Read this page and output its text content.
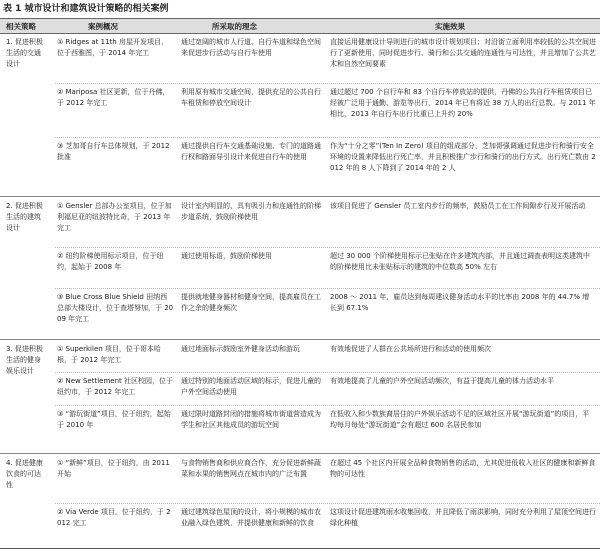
表 1 城市设计和建筑设计策略的相关案例
相关策略	案例概况	所采取的理念	实施效果
1. 促进积极生活的交通设计
① Ridges at 11th 房屋开发项目，位于西雅图，于 2014 年完工
通过宽阔的城市人行道、自行车道和绿色空间来促进步行活动与自行车使用
直接运用健康设计导则进行的城市设计规划项目；对沿街立面利用率较低的公共空间进行了更新使用，同时促进步行、骑行和公共交通的连通性与可达性，并且增加了公共艺术和自然空间要素
② Mariposa 社区更新，位于丹佛，于 2012 年完工
利用原有城市交通空间，提供充足的公共自行车租赁和停放空间设计
通过超过 700 个自行车和 83 个自行车停放站的提供，丹佛的公共自行车租赁项目已经被广泛用于通勤、游览等出行，2014 年已有将近 38 万人的出行总数。与 2011 年相比，2013 年自行车出行比重已上升约 20%
③ 芝加哥自行车总体规划，于 2012 批准
通过提供自行车交通基础设施、专门的道路通行权和路面导引设计来促进自行车的使用
作为“十分之零”(Ten In Zero) 项目的组成部分，芝加哥强调通过促进步行和骑行安全环境的设置来降低出行死亡率，并且积极推广步行和骑行的出行方式。出行死亡数由 2012 年的 8 人下降到了 2014 年的 2 人
2. 促进积极生活的建筑设计
① Gensler 总部办公室项目，位于加利福尼亚的纽波特比奇，于 2013 年完工
设计室内明显的、具有吸引力和连通性的阶梯步道系统，鼓励阶梯使用
该项目促进了 Gensler 员工室内步行的频率，鼓励员工在工作间隙步行及开展活动
② 纽约阶梯使用标示项目，位于纽约，起始于 2008 年
通过使用标语，鼓励阶梯使用	超过 30 000 个阶梯使用标示已张贴在许多建筑内部，并且通过调查表明这类建筑中的阶梯使用比未张贴标示的建筑的中位数高 50% 左右
③ Blue Cross Blue Shield 田纳西总部大楼设计，位于查塔努加，于 2009 年完工
提供就地健身器材和健身空间，提高雇员在工作之余的健身频次
2008 ～ 2011 年，雇员达到每周建议健身活动水平的比率由 2008 年的 44.7% 增长到 67.1%
3. 促进积极生活的健身娱乐设计
① Superkilen 项目，位于哥本哈根，于 2012 年完工
通过地面标示鼓励室外健身活动和游玩	有效地促进了人群在公共场所进行和活动的使用频次
② New Settlement 社区校园，位于纽约市，于 2012 年完工
通过特别的地面活动区域的标示，促进儿童的户外空间活动使用
有效地提高了儿童的户外空间活动频次，有益于提高儿童的体力活动水平
③ “游玩街道”项目，位于纽约，起始于 2010 年
通过限时道路封闭的措施将城市街道营造成为学生和社区其他成员的游玩空间
在低收入和少数族裔居住的户外娱乐活动不足的区域社区开展“游玩街道”的项目，平均每月每处“游玩街道”会有超过 600 名居民参加
4. 促进健康饮食的可达性
① “新鲜”项目，位于纽约，由 2011 开始
与食物销售商和供应商合作，充分促进新鲜蔬菜和水果的销售网点在城市内的广泛布置
在超过 45 个社区内开展全品种食物销售的活动，尤其促进低收入社区的健康和新鲜食物的可达性
② Via Verde 项目，位于纽约，于 2012 完工
通过建筑绿色屋顶的设计，将小规模的城市农业融入绿色建筑，并提供健康和新鲜的饮食
这项设计促进建筑雨水收集回收，并且降低了雨洪影响，同时充分利用了屋顶空间进行绿化种植
